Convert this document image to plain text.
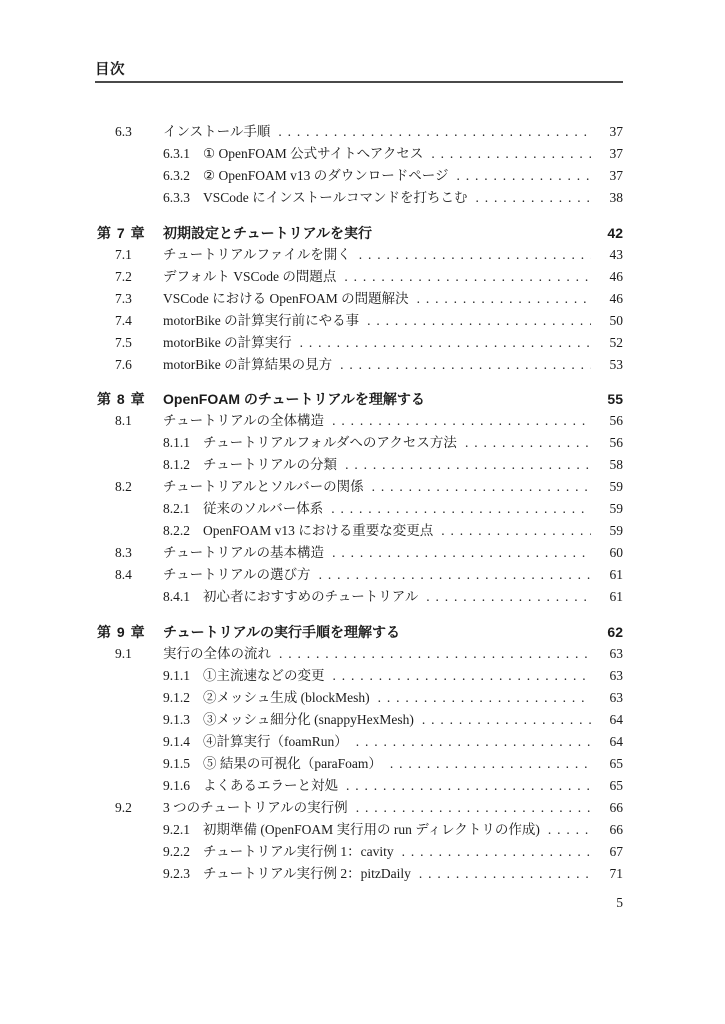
目次
6.3	インストール手順 . . .	37
6.3.1 ① OpenFOAM 公式サイトへアクセス . . .	37
6.3.2 ② OpenFOAM v13 のダウンロードページ . . .	37
6.3.3 VSCode にインストールコマンドを打ちこむ . . .	38
第 7 章	初期設定とチュートリアルを実行	42
7.1	チュートリアルファイルを開く . . .	43
7.2	デフォルト VSCode の問題点 . . .	46
7.3	VSCode における OpenFOAM の問題解決 . . .	46
7.4	motorBike の計算実行前にやる事 . . .	50
7.5	motorBike の計算実行 . . .	52
7.6	motorBike の計算結果の見方 . . .	53
第 8 章	OpenFOAM のチュートリアルを理解する	55
8.1	チュートリアルの全体構造 . . .	56
8.1.1 チュートリアルフォルダへのアクセス方法 . . .	56
8.1.2 チュートリアルの分類 . . .	58
8.2	チュートリアルとソルバーの関係 . . .	59
8.2.1 従来のソルバー体系 . . .	59
8.2.2 OpenFOAM v13 における重要な変更点 . . .	59
8.3	チュートリアルの基本構造 . . .	60
8.4	チュートリアルの選び方 . . .	61
8.4.1 初心者におすすめのチュートリアル . . .	61
第 9 章	チュートリアルの実行手順を理解する	62
9.1	実行の全体の流れ . . .	63
9.1.1 ①主流速などの変更 . . .	63
9.1.2 ②メッシュ生成 (blockMesh) . . .	63
9.1.3 ③メッシュ細分化 (snappyHexMesh) . . .	64
9.1.4 ④計算実行（foamRun） . . .	64
9.1.5 ⑤ 結果の可視化（paraFoam） . . .	65
9.1.6 よくあるエラーと対処 . . .	65
9.2	3 つのチュートリアルの実行例 . . .	66
9.2.1 初期準備 (OpenFOAM 実行用の run ディレクトリの作成) . . .	66
9.2.2 チュートリアル実行例 1：cavity . . .	67
9.2.3 チュートリアル実行例 2：pitzDaily . . .	71
5
